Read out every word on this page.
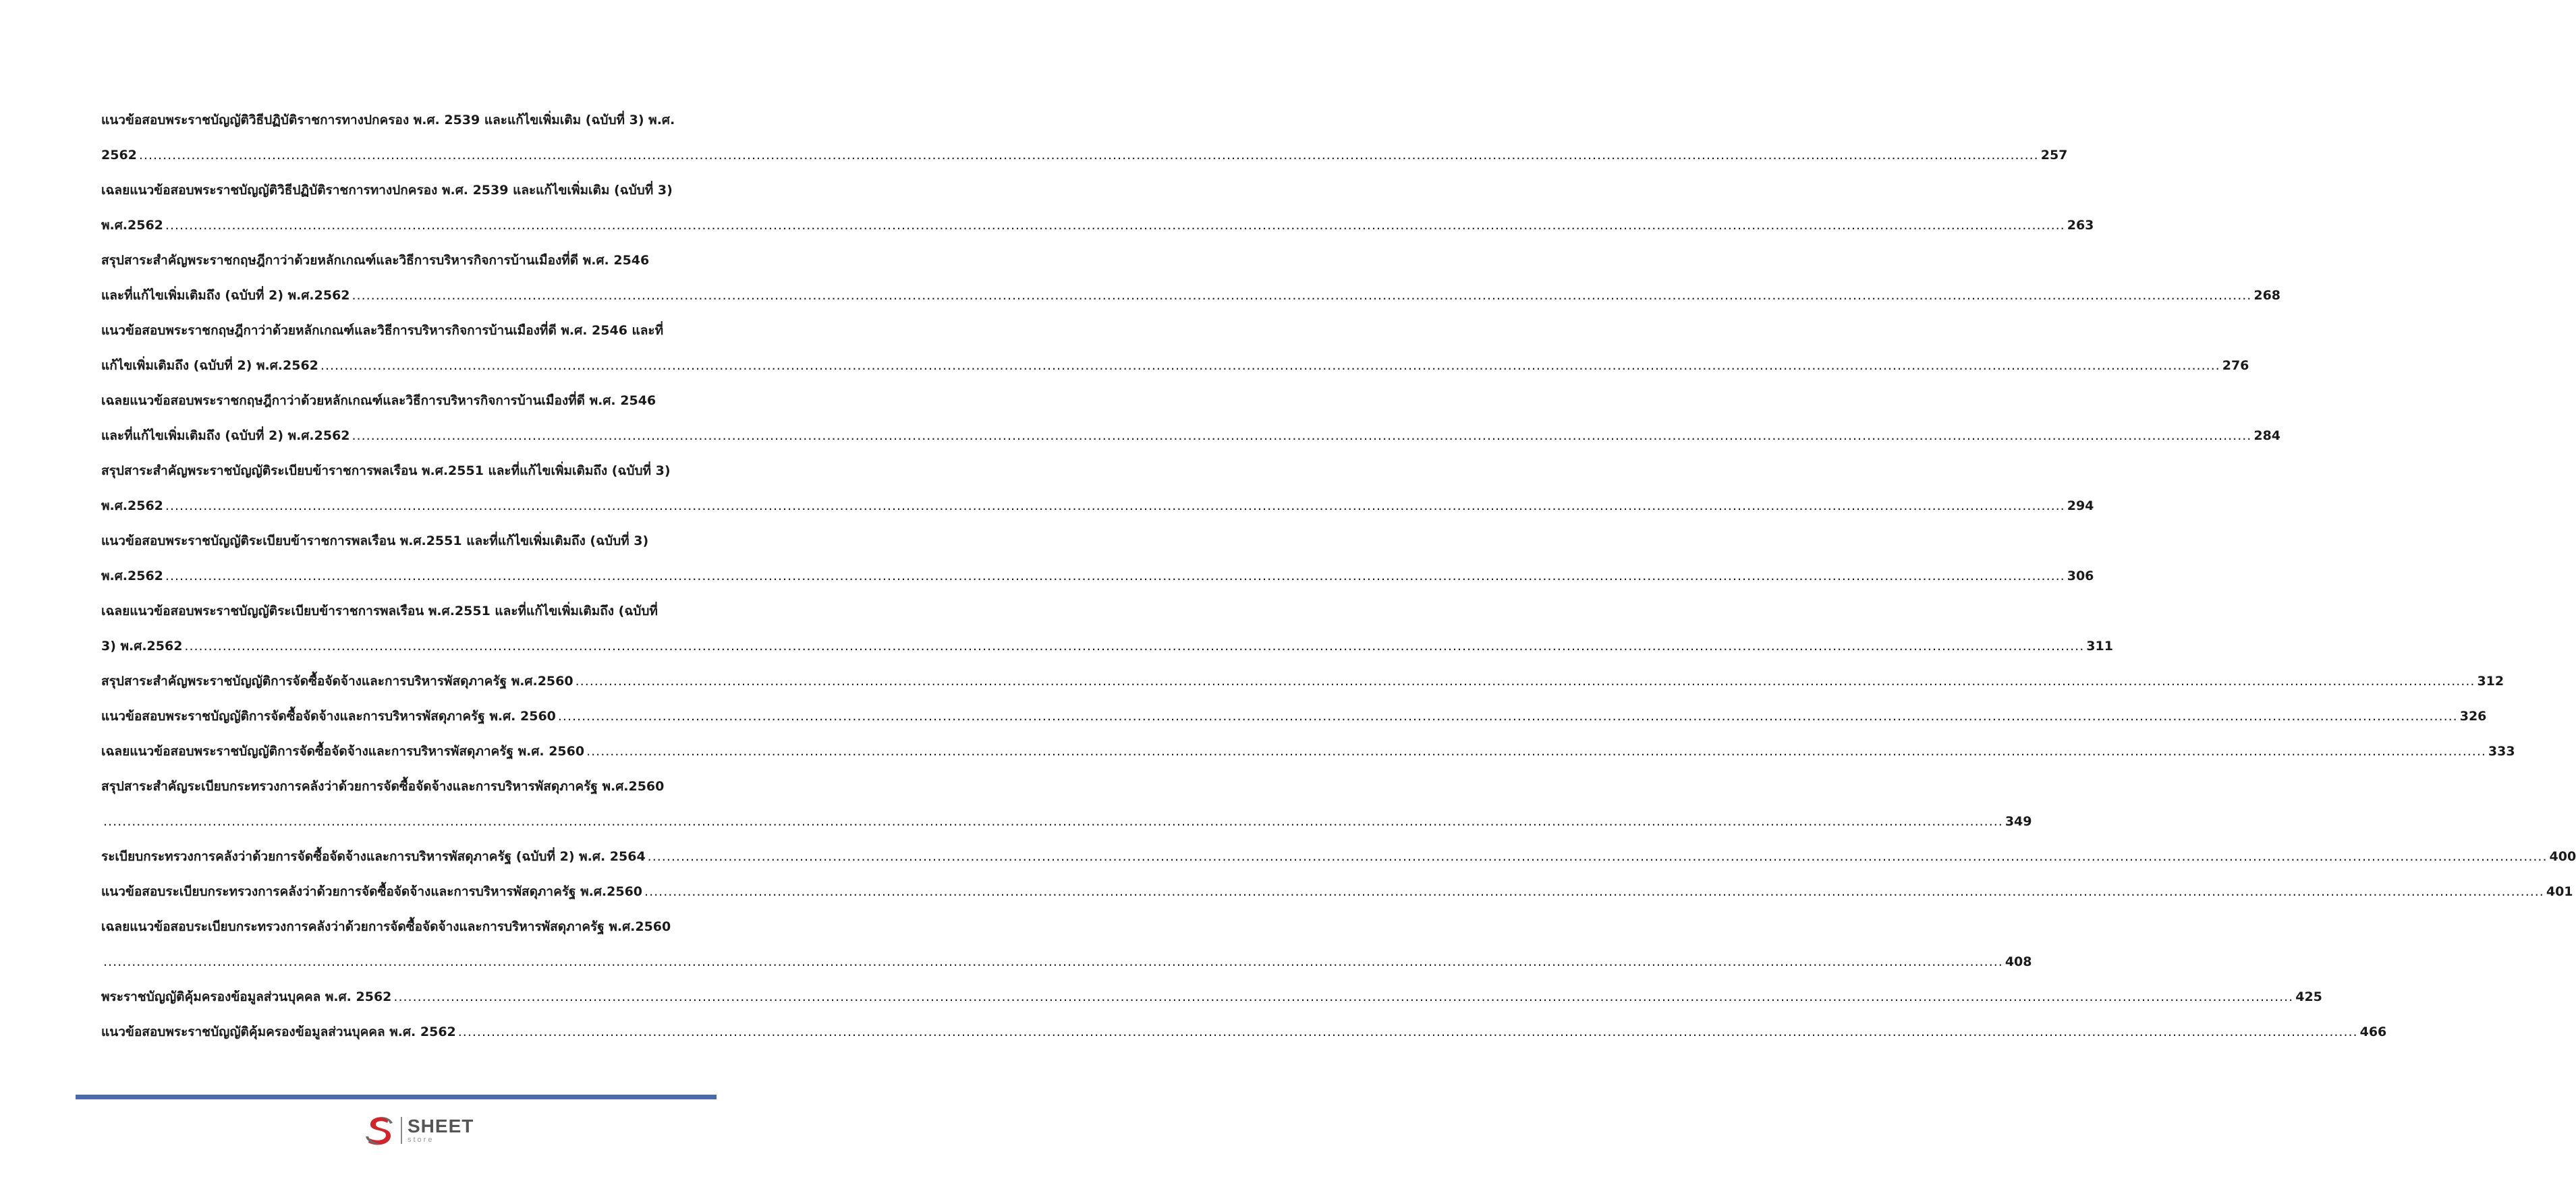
แนวข้อสอบพระราชบัญญัติวิธีปฏิบัติราชการทางปกครอง พ.ศ. 2539 และแก้ไขเพิ่มเติม (ฉบับที่ 3) พ.ศ.
2562 ................................................................................................................................................................................................................................................................................................................................................................................................................ 257
เฉลยแนวข้อสอบพระราชบัญญัติวิธีปฏิบัติราชการทางปกครอง พ.ศ. 2539 และแก้ไขเพิ่มเติม (ฉบับที่ 3)
พ.ศ.2562 ................................................................................................................................................................................................................................................................................................................................................................................................................ 263
สรุปสาระสำคัญพระราชกฤษฎีกาว่าด้วยหลักเกณฑ์และวิธีการบริหารกิจการบ้านเมืองที่ดี พ.ศ. 2546
และที่แก้ไขเพิ่มเติมถึง (ฉบับที่ 2) พ.ศ.2562 ................................................................................................................................................................................................................................................................................................................................................................................................................ 268
แนวข้อสอบพระราชกฤษฎีกาว่าด้วยหลักเกณฑ์และวิธีการบริหารกิจการบ้านเมืองที่ดี พ.ศ. 2546 และที่
แก้ไขเพิ่มเติมถึง (ฉบับที่ 2) พ.ศ.2562 ................................................................................................................................................................................................................................................................................................................................................................................................................ 276
เฉลยแนวข้อสอบพระราชกฤษฎีกาว่าด้วยหลักเกณฑ์และวิธีการบริหารกิจการบ้านเมืองที่ดี พ.ศ. 2546
และที่แก้ไขเพิ่มเติมถึง (ฉบับที่ 2) พ.ศ.2562 ................................................................................................................................................................................................................................................................................................................................................................................................................ 284
สรุปสาระสำคัญพระราชบัญญัติระเบียบข้าราชการพลเรือน พ.ศ.2551 และที่แก้ไขเพิ่มเติมถึง (ฉบับที่ 3)
พ.ศ.2562 ................................................................................................................................................................................................................................................................................................................................................................................................................ 294
แนวข้อสอบพระราชบัญญัติระเบียบข้าราชการพลเรือน พ.ศ.2551 และที่แก้ไขเพิ่มเติมถึง (ฉบับที่ 3)
พ.ศ.2562 ................................................................................................................................................................................................................................................................................................................................................................................................................ 306
เฉลยแนวข้อสอบพระราชบัญญัติระเบียบข้าราชการพลเรือน พ.ศ.2551 และที่แก้ไขเพิ่มเติมถึง (ฉบับที่
3) พ.ศ.2562 ................................................................................................................................................................................................................................................................................................................................................................................................................ 311
สรุปสาระสำคัญพระราชบัญญัติการจัดซื้อจัดจ้างและการบริหารพัสดุภาครัฐ พ.ศ.2560 ................................................................................................................................................................................................................................................................................................................................................................................................................ 312
แนวข้อสอบพระราชบัญญัติการจัดซื้อจัดจ้างและการบริหารพัสดุภาครัฐ พ.ศ. 2560 ................................................................................................................................................................................................................................................................................................................................................................................................................ 326
เฉลยแนวข้อสอบพระราชบัญญัติการจัดซื้อจัดจ้างและการบริหารพัสดุภาครัฐ พ.ศ. 2560 ................................................................................................................................................................................................................................................................................................................................................................................................................ 333
สรุปสาระสำคัญระเบียบกระทรวงการคลังว่าด้วยการจัดซื้อจัดจ้างและการบริหารพัสดุภาครัฐ พ.ศ.2560
................................................................................................................................................................................................................................................................................................................................................................................................................ 349
ระเบียบกระทรวงการคลังว่าด้วยการจัดซื้อจัดจ้างและการบริหารพัสดุภาครัฐ (ฉบับที่ 2) พ.ศ. 2564 ................................................................................................................................................................................................................................................................................................................................................................................................................ 400
แนวข้อสอบระเบียบกระทรวงการคลังว่าด้วยการจัดซื้อจัดจ้างและการบริหารพัสดุภาครัฐ พ.ศ.2560 ................................................................................................................................................................................................................................................................................................................................................................................................................ 401
เฉลยแนวข้อสอบระเบียบกระทรวงการคลังว่าด้วยการจัดซื้อจัดจ้างและการบริหารพัสดุภาครัฐ พ.ศ.2560
................................................................................................................................................................................................................................................................................................................................................................................................................ 408
พระราชบัญญัติคุ้มครองข้อมูลส่วนบุคคล พ.ศ. 2562 ................................................................................................................................................................................................................................................................................................................................................................................................................ 425
แนวข้อสอบพระราชบัญญัติคุ้มครองข้อมูลส่วนบุคคล พ.ศ. 2562 ................................................................................................................................................................................................................................................................................................................................................................................................................ 466
SHEET
store
